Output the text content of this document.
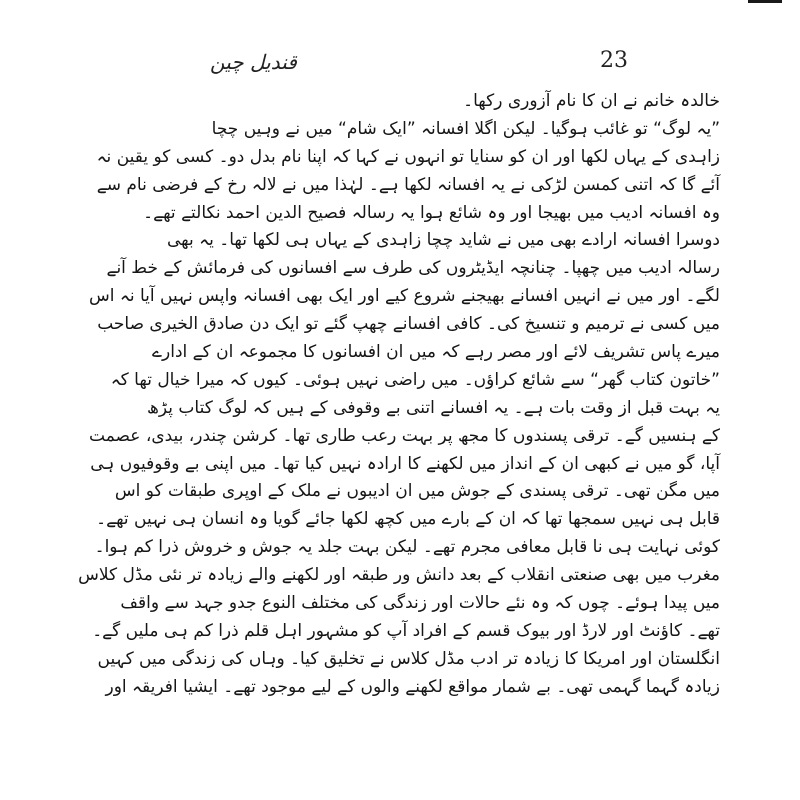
قندیل چین	23
خالدہ خانم نے ان کا نام آزوری رکھا۔
”یہ لوگ“ تو غائب ہوگیا۔ لیکن اگلا افسانہ ”ایک شام“ میں نے وہیں چچا
زاہدی کے یہاں لکھا اور ان کو سنایا تو انہوں نے کہا کہ اپنا نام بدل دو۔ کسی کو یقین نہ
آئے گا کہ اتنی کمسن لڑکی نے یہ افسانہ لکھا ہے۔ لہٰذا میں نے لالہ رخ کے فرضی نام سے
وہ افسانہ ادیب میں بھیجا اور وہ شائع ہوا یہ رسالہ فصیح الدین احمد نکالتے تھے۔
دوسرا افسانہ ارادے بھی میں نے شاید چچا زاہدی کے یہاں ہی لکھا تھا۔ یہ بھی
رسالہ ادیب میں چھپا۔ چنانچہ ایڈیٹروں کی طرف سے افسانوں کی فرمائش کے خط آنے
لگے۔ اور میں نے انہیں افسانے بھیجنے شروع کیے اور ایک بھی افسانہ واپس نہیں آیا نہ اس
میں کسی نے ترمیم و تنسیخ کی۔ کافی افسانے چھپ گئے تو ایک دن صادق الخیری صاحب
میرے پاس تشریف لائے اور مصر رہے کہ میں ان افسانوں کا مجموعہ ان کے ادارے
”خاتون کتاب گھر“ سے شائع کراؤں۔ میں راضی نہیں ہوئی۔ کیوں کہ میرا خیال تھا کہ
یہ بہت قبل از وقت بات ہے۔ یہ افسانے اتنی بے وقوفی کے ہیں کہ لوگ کتاب پڑھ
کے ہنسیں گے۔ ترقی پسندوں کا مجھ پر بہت رعب طاری تھا۔ کرشن چندر، بیدی، عصمت
آپا، گو میں نے کبھی ان کے انداز میں لکھنے کا ارادہ نہیں کیا تھا۔ میں اپنی بے وقوفیوں ہی
میں مگن تھی۔ ترقی پسندی کے جوش میں ان ادیبوں نے ملک کے اوپری طبقات کو اس
قابل ہی نہیں سمجھا تھا کہ ان کے بارے میں کچھ لکھا جائے گویا وہ انسان ہی نہیں تھے۔
کوئی نہایت ہی نا قابل معافی مجرم تھے۔ لیکن بہت جلد یہ جوش و خروش ذرا کم ہوا۔
مغرب میں بھی صنعتی انقلاب کے بعد دانش ور طبقہ اور لکھنے والے زیادہ تر نئی مڈل کلاس
میں پیدا ہوئے۔ چوں کہ وہ نئے حالات اور زندگی کی مختلف النوع جدو جہد سے واقف
تھے۔ کاؤنٹ اور لارڈ اور بیوک قسم کے افراد آپ کو مشہور اہل قلم ذرا کم ہی ملیں گے۔
انگلستان اور امریکا کا زیادہ تر ادب مڈل کلاس نے تخلیق کیا۔ وہاں کی زندگی میں کہیں
زیادہ گہما گہمی تھی۔ بے شمار مواقع لکھنے والوں کے لیے موجود تھے۔ ایشیا افریقہ اور
